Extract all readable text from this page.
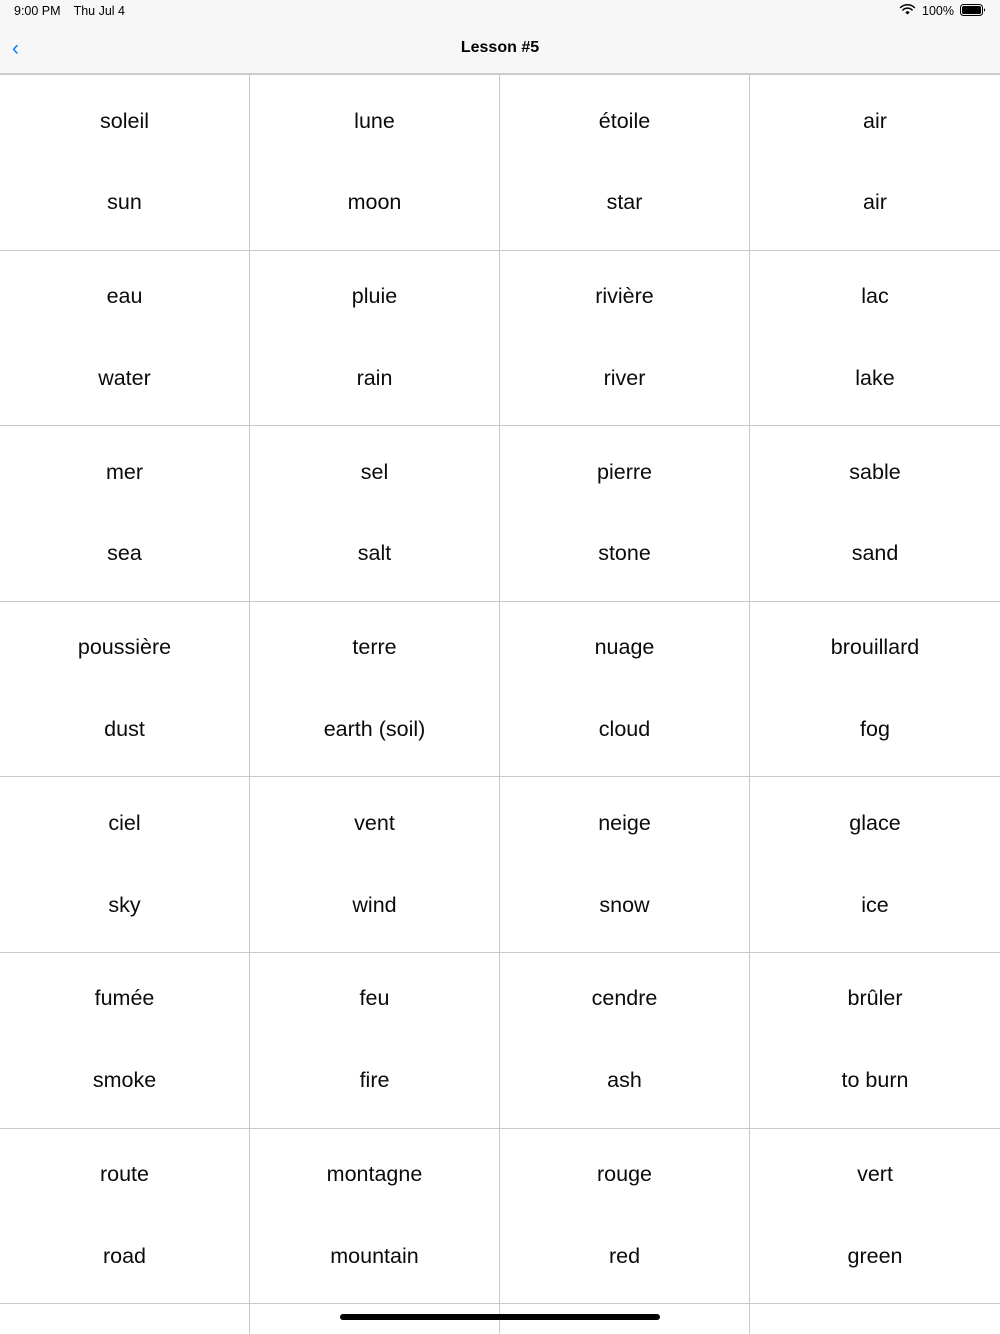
9:00 PM Thu Jul 4	100%
‹	Lesson #5
soleil
sun
lune
moon
étoile
star
air
air
eau
water
pluie
rain
rivière
river
lac
lake
mer
sea
sel
salt
pierre
stone
sable
sand
poussière
dust
terre
earth (soil)
nuage
cloud
brouillard
fog
ciel
sky
vent
wind
neige
snow
glace
ice
fumée
smoke
feu
fire
cendre
ash
brûler
to burn
route
road
montagne
mountain
rouge
red
vert
green
